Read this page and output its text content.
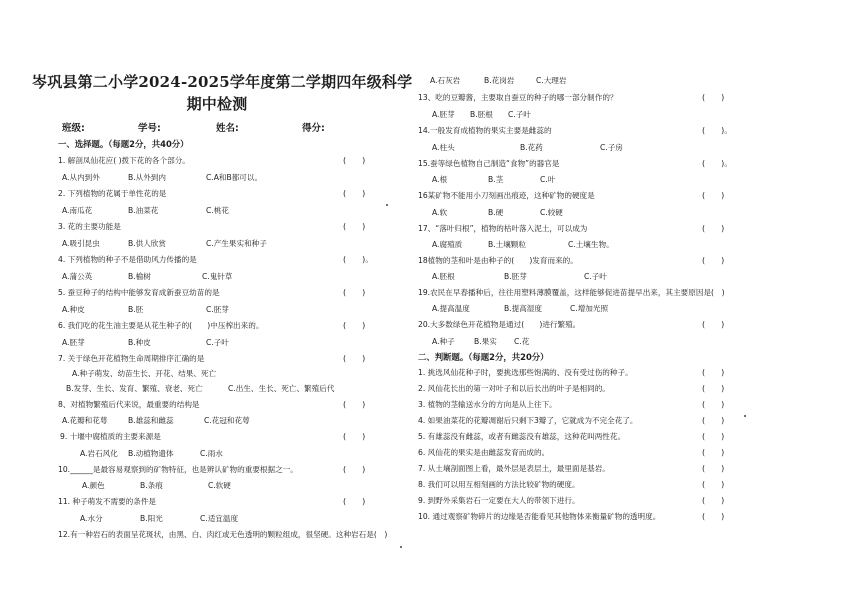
岑巩县第二小学2024-2025学年度第二学期四年级科学
期中检测
班级:	学号:	姓名:	得分:
一、选择题。（每题2分，共40分）
二、判断题。（每题2分，共20分）
1. 解剖凤仙花应( )拨下花的各个部分。	(　　)
A.从内到外	B.从外到内	C.A和B都可以。
2. 下列植物的花属于单性花的是	(　　)
A.南瓜花	B.油菜花	C.桃花
3. 花的主要功能是	(　　)
A.吸引昆虫	B.供人欣赏	C.产生果实和种子
4. 下列植物的种子不是借助风力传播的是	(　　)。
A.蒲公英	B.榆树	C.鬼针草
5. 蚕豆种子的结构中能够发育成新蚕豆幼苗的是	(　　)
A.种皮	B.胚	C.胚芽
6. 我们吃的花生油主要是从花生种子的(　　)中压榨出来的。	(　　)
A.胚芽	B.种皮	C.子叶
7. 关于绿色开花植物生命周期排序汇确的是	(　　)
A.种子萌发、幼苗生长、开花、结果、死亡
B.发芽、生长、发育、繁殖、衰老、死亡	C.出生、生长、死亡、繁殖后代
8、对植物繁殖后代来说，最重要的结构是	(　　)
A.花瓣和花萼	B.雄蕊和雌蕊	C.花冠和花萼
9. 十堰中腐植质的主要来源是	(　　)
A.岩石风化 B.动植物遗体	C.雨水
10.______是最容易观察到的矿物特征，也是辨认矿物的重要根据之一。	(　　)
A.颜色	B.条痕	C.软硬
11. 种子萌发不需要的条件是	(　　)
A.水分	B.阳光	C.适宜温度
12.有一种岩石的表面呈花斑状，由黑、白、肉红或无色透明的颗粒组成，很坚硬。这种岩石是(　)
A.石灰岩	B.花岗岩	C.大理岩
13、吃的豆瓣酱，主要取自蚕豆的种子的哪一部分制作的？	(　　)
A.胚芽 B.胚根 C.子叶
14.一般发育成植物的果实主要是雌蕊的	(　　)。
A.柱头	B.花药	C.子房
15.蚕等绿色植物自己制造“食物”的器官是	(　　)。
A.根	B.茎	C.叶
16某矿物不能用小刀刻画出痕迹，这种矿物的硬度是	(　　)
A.软	B.硬	C.较硬
17、“落叶归根”，植物的枯叶落入泥土，可以成为	(　　)
A.腐殖质	B.土壤颗粒	C.土壤生物。
18植物的茎和叶是由种子的(　　)发育而来的。	(　　)
A.胚根	B.胚芽	C.子叶
19.农民在早春播种后，往往用塑料薄膜覆盖，这样能够促进苗提早出来，其主要原因是(　)
A.提高温度	B.提高湿度	C.增加光照
20.大多数绿色开花植物是通过(　　)进行繁殖。	(　　)
A.种子	B.果实 C.花
1. 挑选风仙花种子时，要挑选那些饱满的、没有受过伤的种子。	(　　)
2. 风仙花长出的第一对叶子和以后长出的叶子是相同的。	(　　)
3. 植物的茎输送水分的方向是从上往下。	(　　)
4. 如果油菜花的花瓣凋谢后只剩下3瓣了，它就成为不完全花了。	(　　)
5. 有雄蕊没有雌蕊，或者有雌蕊没有雄蕊，这种花叫两性花。	(　　)
6. 风仙花的果实是由雌蕊发育而成的。	(　　)
7. 从土壤剖面图上看，最外层是表层土，最里面是基岩。	(　　)
8. 我们可以用互相刻画的方法比较矿物的硬度。	(　　)
9. 到野外采集岩石一定要在大人的带领下进行。	(　　)
10. 通过观察矿物碎片的边缘是否能看见其他物体来衡量矿物的透明度。	(　　)
